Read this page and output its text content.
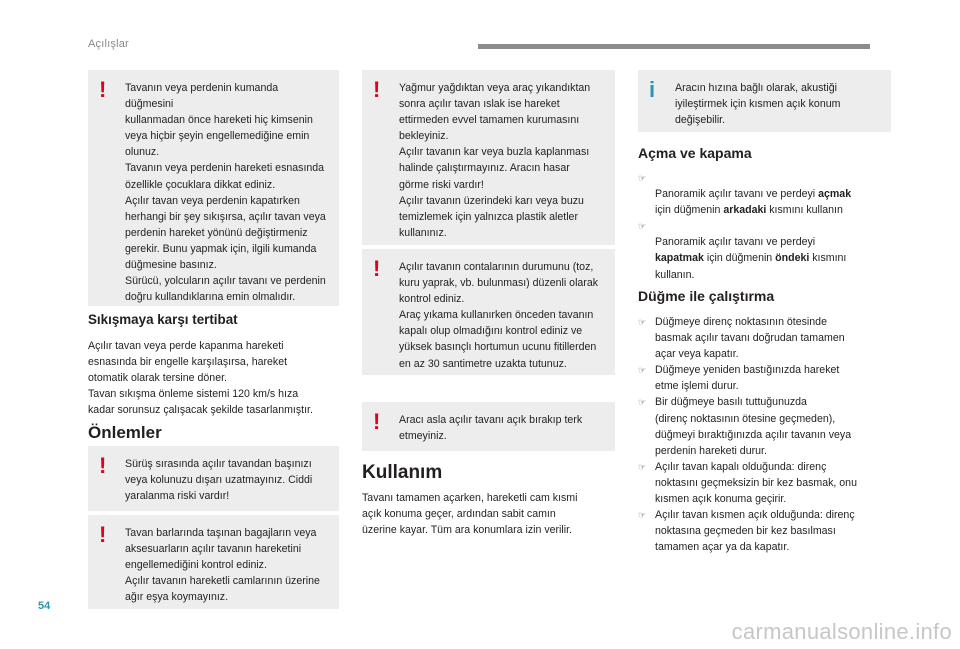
Açılışlar
! Tavanın veya perdenin kumanda düğmesini
kullanmadan önce hareketi hiç kimsenin
veya hiçbir şeyin engellemediğine emin
olunuz.
Tavanın veya perdenin hareketi esnasında
özellikle çocuklara dikkat ediniz.
Açılır tavan veya perdenin kapatırken
herhangi bir şey sıkışırsa, açılır tavan veya
perdenin hareket yönünü değiştirmeniz
gerekir. Bunu yapmak için, ilgili kumanda
düğmesine basınız.
Sürücü, yolcuların açılır tavanı ve perdenin
doğru kullandıklarına emin olmalıdır.

Sıkışmaya karşı tertibat
Açılır tavan veya perde kapanma hareketi
esnasında bir engelle karşılaşırsa, hareket
otomatik olarak tersine döner.
Tavan sıkışma önleme sistemi 120 km/s hıza
kadar sorunsuz çalışacak şekilde tasarlanmıştır.
Önlemler
! Sürüş sırasında açılır tavandan başınızı
veya kolunuzu dışarı uzatmayınız. Ciddi
yaralanma riski vardır!

! Tavan barlarında taşınan bagajların veya
aksesuarların açılır tavanın hareketini
engellemediğini kontrol ediniz.
Açılır tavanın hareketli camlarının üzerine
ağır eşya koymayınız.

! Yağmur yağdıktan veya araç yıkandıktan
sonra açılır tavan ıslak ise hareket
ettirmeden evvel tamamen kurumasını
bekleyiniz.
Açılır tavanın kar veya buzla kaplanması
halinde çalıştırmayınız. Aracın hasar
görme riski vardır!
Açılır tavanın üzerindeki karı veya buzu
temizlemek için yalnızca plastik aletler
kullanınız.

! Açılır tavanın contalarının durumunu (toz,
kuru yaprak, vb. bulunması) düzenli olarak
kontrol ediniz.
Araç yıkama kullanırken önceden tavanın
kapalı olup olmadığını kontrol ediniz ve
yüksek basınçlı hortumun ucunu fitillerden
en az 30 santimetre uzakta tutunuz.

! Aracı asla açılır tavanı açık bırakıp terk
etmeyiniz.

Kullanım
Tavanı tamamen açarken, hareketli cam kısmi
açık konuma geçer, ardından sabit camın
üzerine kayar. Tüm ara konumlara izin verilir.
i Aracın hızına bağlı olarak, akustiği
iyileştirmek için kısmen açık konum
değişebilir.

Açma ve kapama

☞
Panoramik açılır tavanı ve perdeyi açmak
için düğmenin arkadaki kısmını kullanın

☞
Panoramik açılır tavanı ve perdeyi
kapatmak için düğmenin öndeki kısmını
kullanın.

Düğme ile çalıştırma
☞ Düğmeye direnç noktasının ötesinde
basmak açılır tavanı doğrudan tamamen
açar veya kapatır.
☞ Düğmeye yeniden bastığınızda hareket
etme işlemi durur.
☞ Bir düğmeye basılı tuttuğunuzda
(direnç noktasının ötesine geçmeden),
düğmeyi bıraktığınızda açılır tavanın veya
perdenin hareketi durur.
☞ Açılır tavan kapalı olduğunda: direnç
noktasını geçmeksizin bir kez basmak, onu
kısmen açık konuma geçirir.
☞ Açılır tavan kısmen açık olduğunda: direnç
noktasına geçmeden bir kez basılması
tamamen açar ya da kapatır.
54
carmanualsonline.info
